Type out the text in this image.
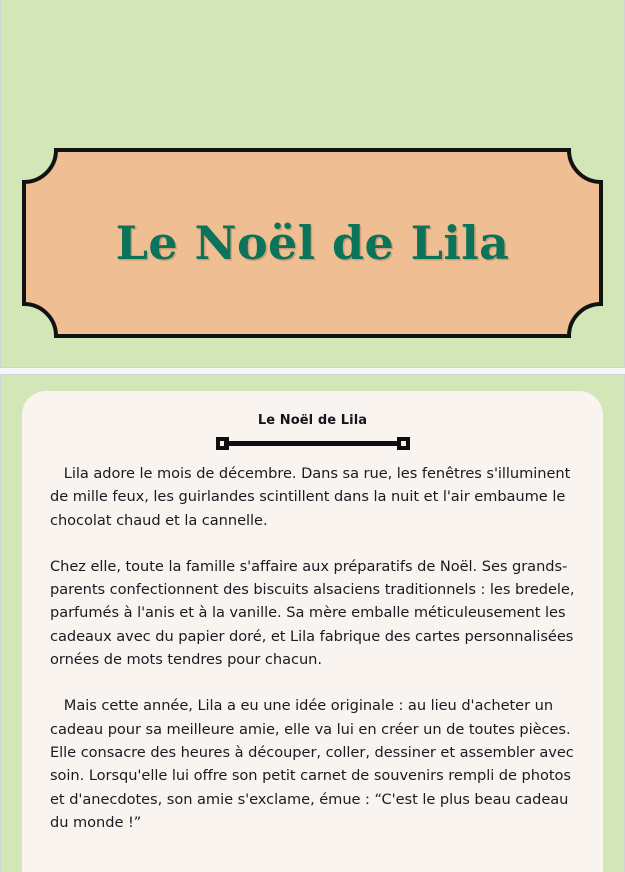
Le Noël de Lila
Le Noël de Lila

Lila adore le mois de décembre. Dans sa rue, les fenêtres s'illuminent de mille feux, les guirlandes scintillent dans la nuit et l'air embaume le chocolat chaud et la cannelle.

Chez elle, toute la famille s'affaire aux préparatifs de Noël. Ses grands-parents confectionnent des biscuits alsaciens traditionnels : les bredele, parfumés à l'anis et à la vanille. Sa mère emballe méticuleusement les cadeaux avec du papier doré, et Lila fabrique des cartes personnalisées ornées de mots tendres pour chacun.

Mais cette année, Lila a eu une idée originale : au lieu d'acheter un cadeau pour sa meilleure amie, elle va lui en créer un de toutes pièces. Elle consacre des heures à découper, coller, dessiner et assembler avec soin. Lorsqu'elle lui offre son petit carnet de souvenirs rempli de photos et d'anecdotes, son amie s'exclame, émue : “C'est le plus beau cadeau du monde !”
